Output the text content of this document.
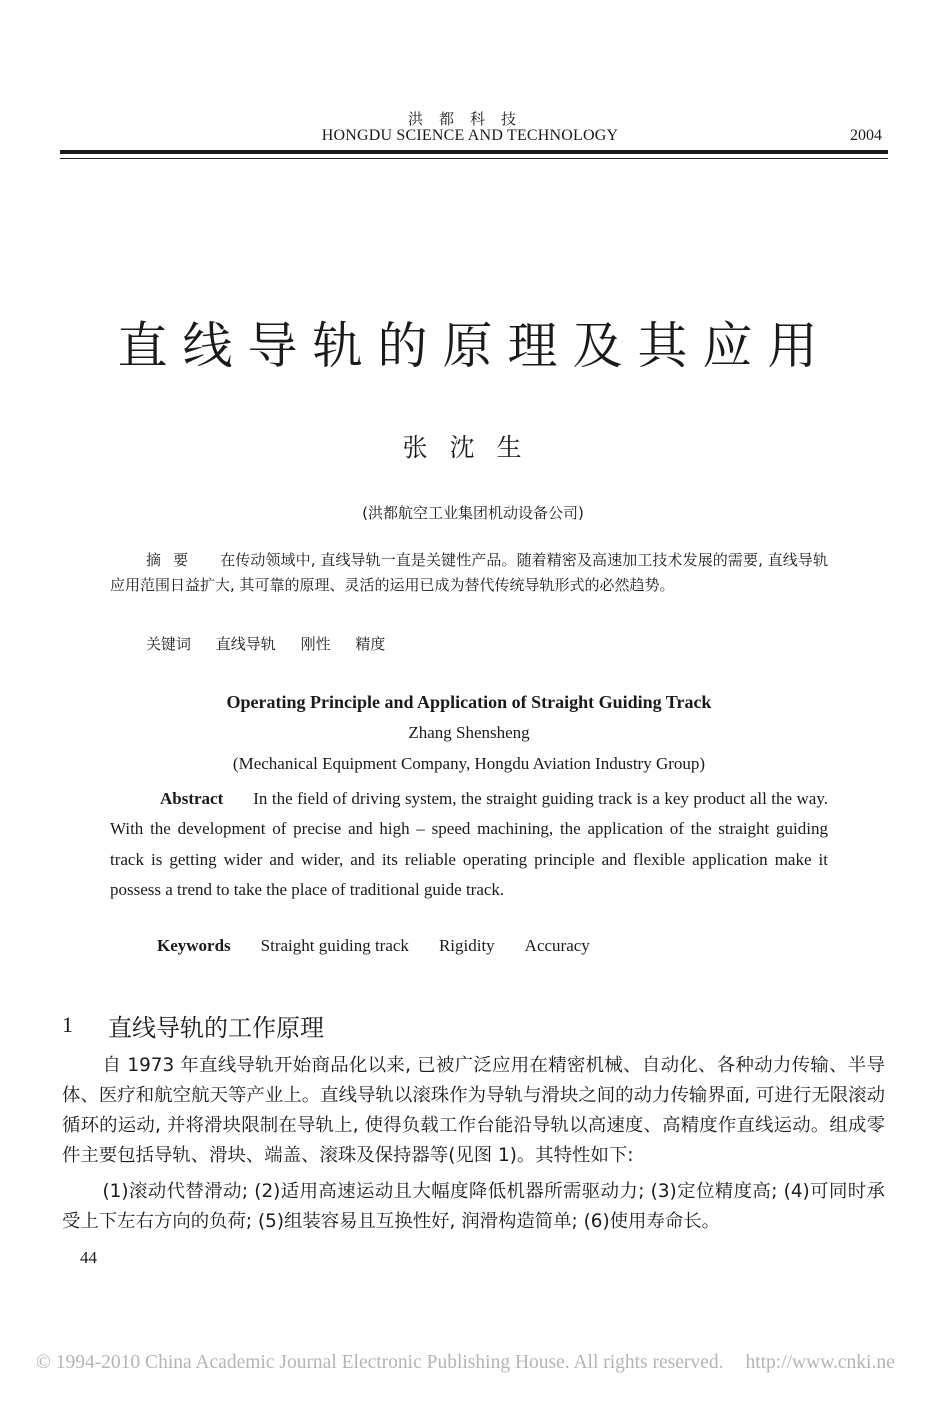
洪都科技
HONGDU SCIENCE AND TECHNOLOGY	2004
直线导轨的原理及其应用
张沈生
(洪都航空工业集团机动设备公司)
摘要 在传动领域中, 直线导轨一直是关键性产品。随着精密及高速加工技术发展的需要, 直线导轨应用范围日益扩大, 其可靠的原理、灵活的运用已成为替代传统导轨形式的必然趋势。
关键词 直线导轨 刚性 精度
Operating Principle and Application of Straight Guiding Track
Zhang Shensheng
(Mechanical Equipment Company, Hongdu Aviation Industry Group)
Abstract In the field of driving system, the straight guiding track is a key product all the way. With the development of precise and high – speed machining, the application of the straight guiding track is getting wider and wider, and its reliable operating principle and flexible application make it possess a trend to take the place of traditional guide track.
Keywords Straight guiding track Rigidity Accuracy
1 直线导轨的工作原理

自 1973 年直线导轨开始商品化以来, 已被广泛应用在精密机械、自动化、各种动力传输、半导体、医疗和航空航天等产业上。直线导轨以滚珠作为导轨与滑块之间的动力传输界面, 可进行无限滚动循环的运动, 并将滑块限制在导轨上, 使得负载工作台能沿导轨以高速度、高精度作直线运动。组成零件主要包括导轨、滑块、端盖、滚珠及保持器等(见图 1)。其特性如下:

(1)滚动代替滑动; (2)适用高速运动且大幅度降低机器所需驱动力; (3)定位精度高; (4)可同时承受上下左右方向的负荷; (5)组装容易且互换性好, 润滑构造简单; (6)使用寿命长。

44
© 1994-2010 China Academic Journal Electronic Publishing House. All rights reserved. http://www.cnki.ne
